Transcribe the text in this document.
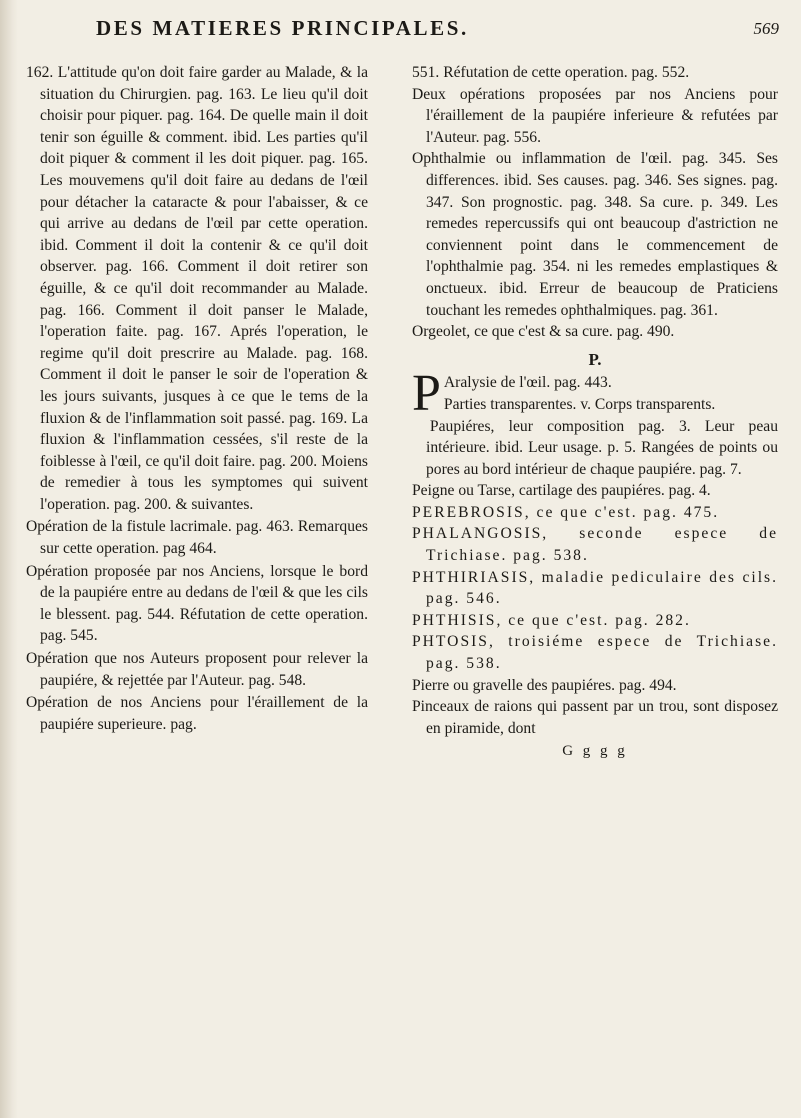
DES MATIERES PRINCIPALES.	569

162. L'attitude qu'on doit faire garder au Malade, & la situation du Chirurgien. pag. 163. Le lieu qu'il doit choisir pour piquer. pag. 164. De quelle main il doit tenir son éguille & comment. ibid. Les parties qu'il doit piquer & comment il les doit piquer. pag. 165. Les mouvemens qu'il doit faire au dedans de l'œil pour détacher la cataracte & pour l'abaisser, & ce qui arrive au dedans de l'œil par cette operation. ibid. Comment il doit la contenir & ce qu'il doit observer. pag. 166. Comment il doit retirer son éguille, & ce qu'il doit recommander au Malade. pag. 166. Comment il doit panser le Malade, l'operation faite. pag. 167. Aprés l'operation, le regime qu'il doit prescrire au Malade. pag. 168. Comment il doit le panser le soir de l'operation & les jours suivants, jusques à ce que le tems de la fluxion & de l'inflammation soit passé. pag. 169. La fluxion & l'inflammation cessées, s'il reste de la foiblesse à l'œil, ce qu'il doit faire. pag. 200. Moiens de remedier à tous les symptomes qui suivent l'operation. pag. 200. & suivantes.

Opération de la fistule lacrimale. pag. 463. Remarques sur cette operation. pag 464.

Opération proposée par nos Anciens, lorsque le bord de la paupiére entre au dedans de l'œil & que les cils le blessent. pag. 544. Réfutation de cette operation. pag. 545.

Opération que nos Auteurs proposent pour relever la paupiére, & rejettée par l'Auteur. pag. 548.

Opération de nos Anciens pour l'éraillement de la paupiére superieure. pag.

551. Réfutation de cette operation. pag. 552.

Deux opérations proposées par nos Anciens pour l'éraillement de la paupiére inferieure & refutées par l'Auteur. pag. 556.

Ophthalmie ou inflammation de l'œil. pag. 345. Ses differences. ibid. Ses causes. pag. 346. Ses signes. pag. 347. Son prognostic. pag. 348. Sa cure. p. 349. Les remedes repercussifs qui ont beaucoup d'astriction ne conviennent point dans le commencement de l'ophthalmie pag. 354. ni les remedes emplastiques & onctueux. ibid. Erreur de beaucoup de Praticiens touchant les remedes ophthalmiques. pag. 361.

Orgeolet, ce que c'est & sa cure. pag. 490.

P.

P Aralysie de l'œil. pag. 443.
Parties transparentes. v. Corps transparents.

Paupiéres, leur composition pag. 3. Leur peau intérieure. ibid. Leur usage. p. 5. Rangées de points ou pores au bord intérieur de chaque paupiére. pag. 7.

Peigne ou Tarse, cartilage des paupiéres. pag. 4.

PEREBROSIS, ce que c'est. pag. 475.

PHALANGOSIS, seconde espece de Trichiase. pag. 538.

PHTHIRIASIS, maladie pediculaire des cils. pag. 546.

PHTHISIS, ce que c'est. pag. 282.

PHTOSIS, troisiéme espece de Trichiase. pag. 538.

Pierre ou gravelle des paupiéres. pag. 494.

Pinceaux de raions qui passent par un trou, sont disposez en piramide, dont

G g g g
